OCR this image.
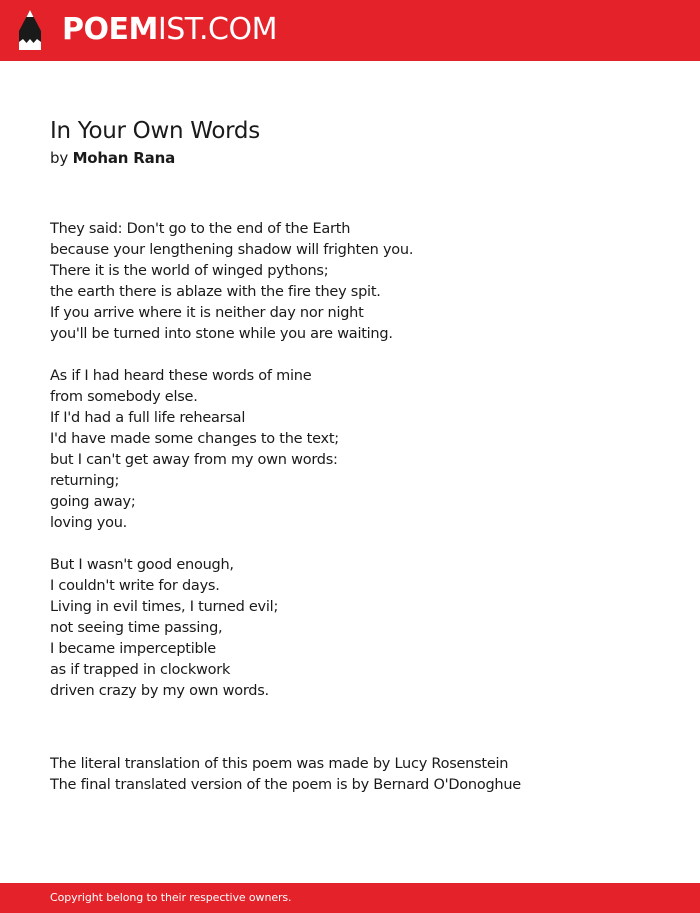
POEMIST.COM
In Your Own Words
by Mohan Rana
They said: Don't go to the end of the Earth
because your lengthening shadow will frighten you.
There it is the world of winged pythons;
the earth there is ablaze with the fire they spit.
If you arrive where it is neither day nor night
you'll be turned into stone while you are waiting.
As if I had heard these words of mine
from somebody else.
If I'd had a full life rehearsal
I'd have made some changes to the text;
but I can't get away from my own words:
returning;
going away;
loving you.
But I wasn't good enough,
I couldn't write for days.
Living in evil times, I turned evil;
not seeing time passing,
I became imperceptible
as if trapped in clockwork
driven crazy by my own words.
The literal translation of this poem was made by Lucy Rosenstein
The final translated version of the poem is by Bernard O'Donoghue
Copyright belong to their respective owners.
